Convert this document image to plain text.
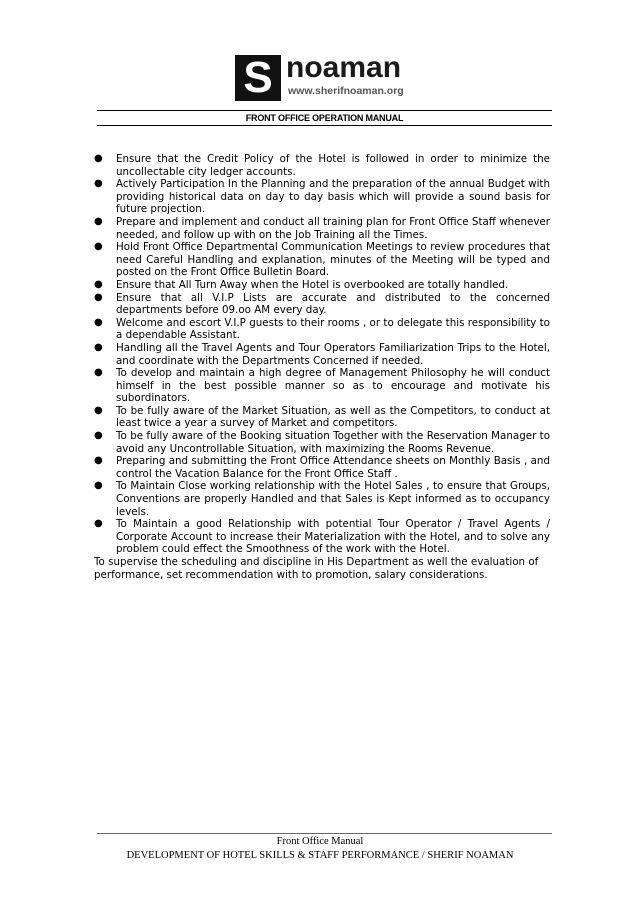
S noaman
www.sherifnoaman.org
FRONT OFFICE OPERATION MANUAL
● Ensure that the Credit Policy of the Hotel is followed in order to minimize the uncollectable city ledger accounts.
● Actively Participation In the Planning and the preparation of the annual Budget with providing historical data on day to day basis which will provide a sound basis for future projection.
● Prepare and implement and conduct all training plan for Front Office Staff whenever needed, and follow up with on the Job Training all the Times.
● Hold Front Office Departmental Communication Meetings to review procedures that need Careful Handling and explanation, minutes of the Meeting will be typed and posted on the Front Office Bulletin Board.
● Ensure that All Turn Away when the Hotel is overbooked are totally handled.
● Ensure that all V.I.P Lists are accurate and distributed to the concerned departments before 09.oo AM every day.
● Welcome and escort V.I.P guests to their rooms , or to delegate this responsibility to a dependable Assistant.
● Handling all the Travel Agents and Tour Operators Familiarization Trips to the Hotel, and coordinate with the Departments Concerned if needed.
● To develop and maintain a high degree of Management Philosophy he will conduct himself in the best possible manner so as to encourage and motivate his subordinators.
● To be fully aware of the Market Situation, as well as the Competitors, to conduct at least twice a year a survey of Market and competitors.
● To be fully aware of the Booking situation Together with the Reservation Manager to avoid any Uncontrollable Situation, with maximizing the Rooms Revenue.
● Preparing and submitting the Front Office Attendance sheets on Monthly Basis , and control the Vacation Balance for the Front Office Staff .
● To Maintain Close working relationship with the Hotel Sales , to ensure that Groups, Conventions are properly Handled and that Sales is Kept informed as to occupancy levels.
● To Maintain a good Relationship with potential Tour Operator / Travel Agents / Corporate Account to increase their Materialization with the Hotel, and to solve any problem could effect the Smoothness of the work with the Hotel.

To supervise the scheduling and discipline in His Department as well the evaluation of performance, set recommendation with to promotion, salary considerations.

Front Office Manual
DEVELOPMENT OF HOTEL SKILLS & STAFF PERFORMANCE / SHERIF NOAMAN
